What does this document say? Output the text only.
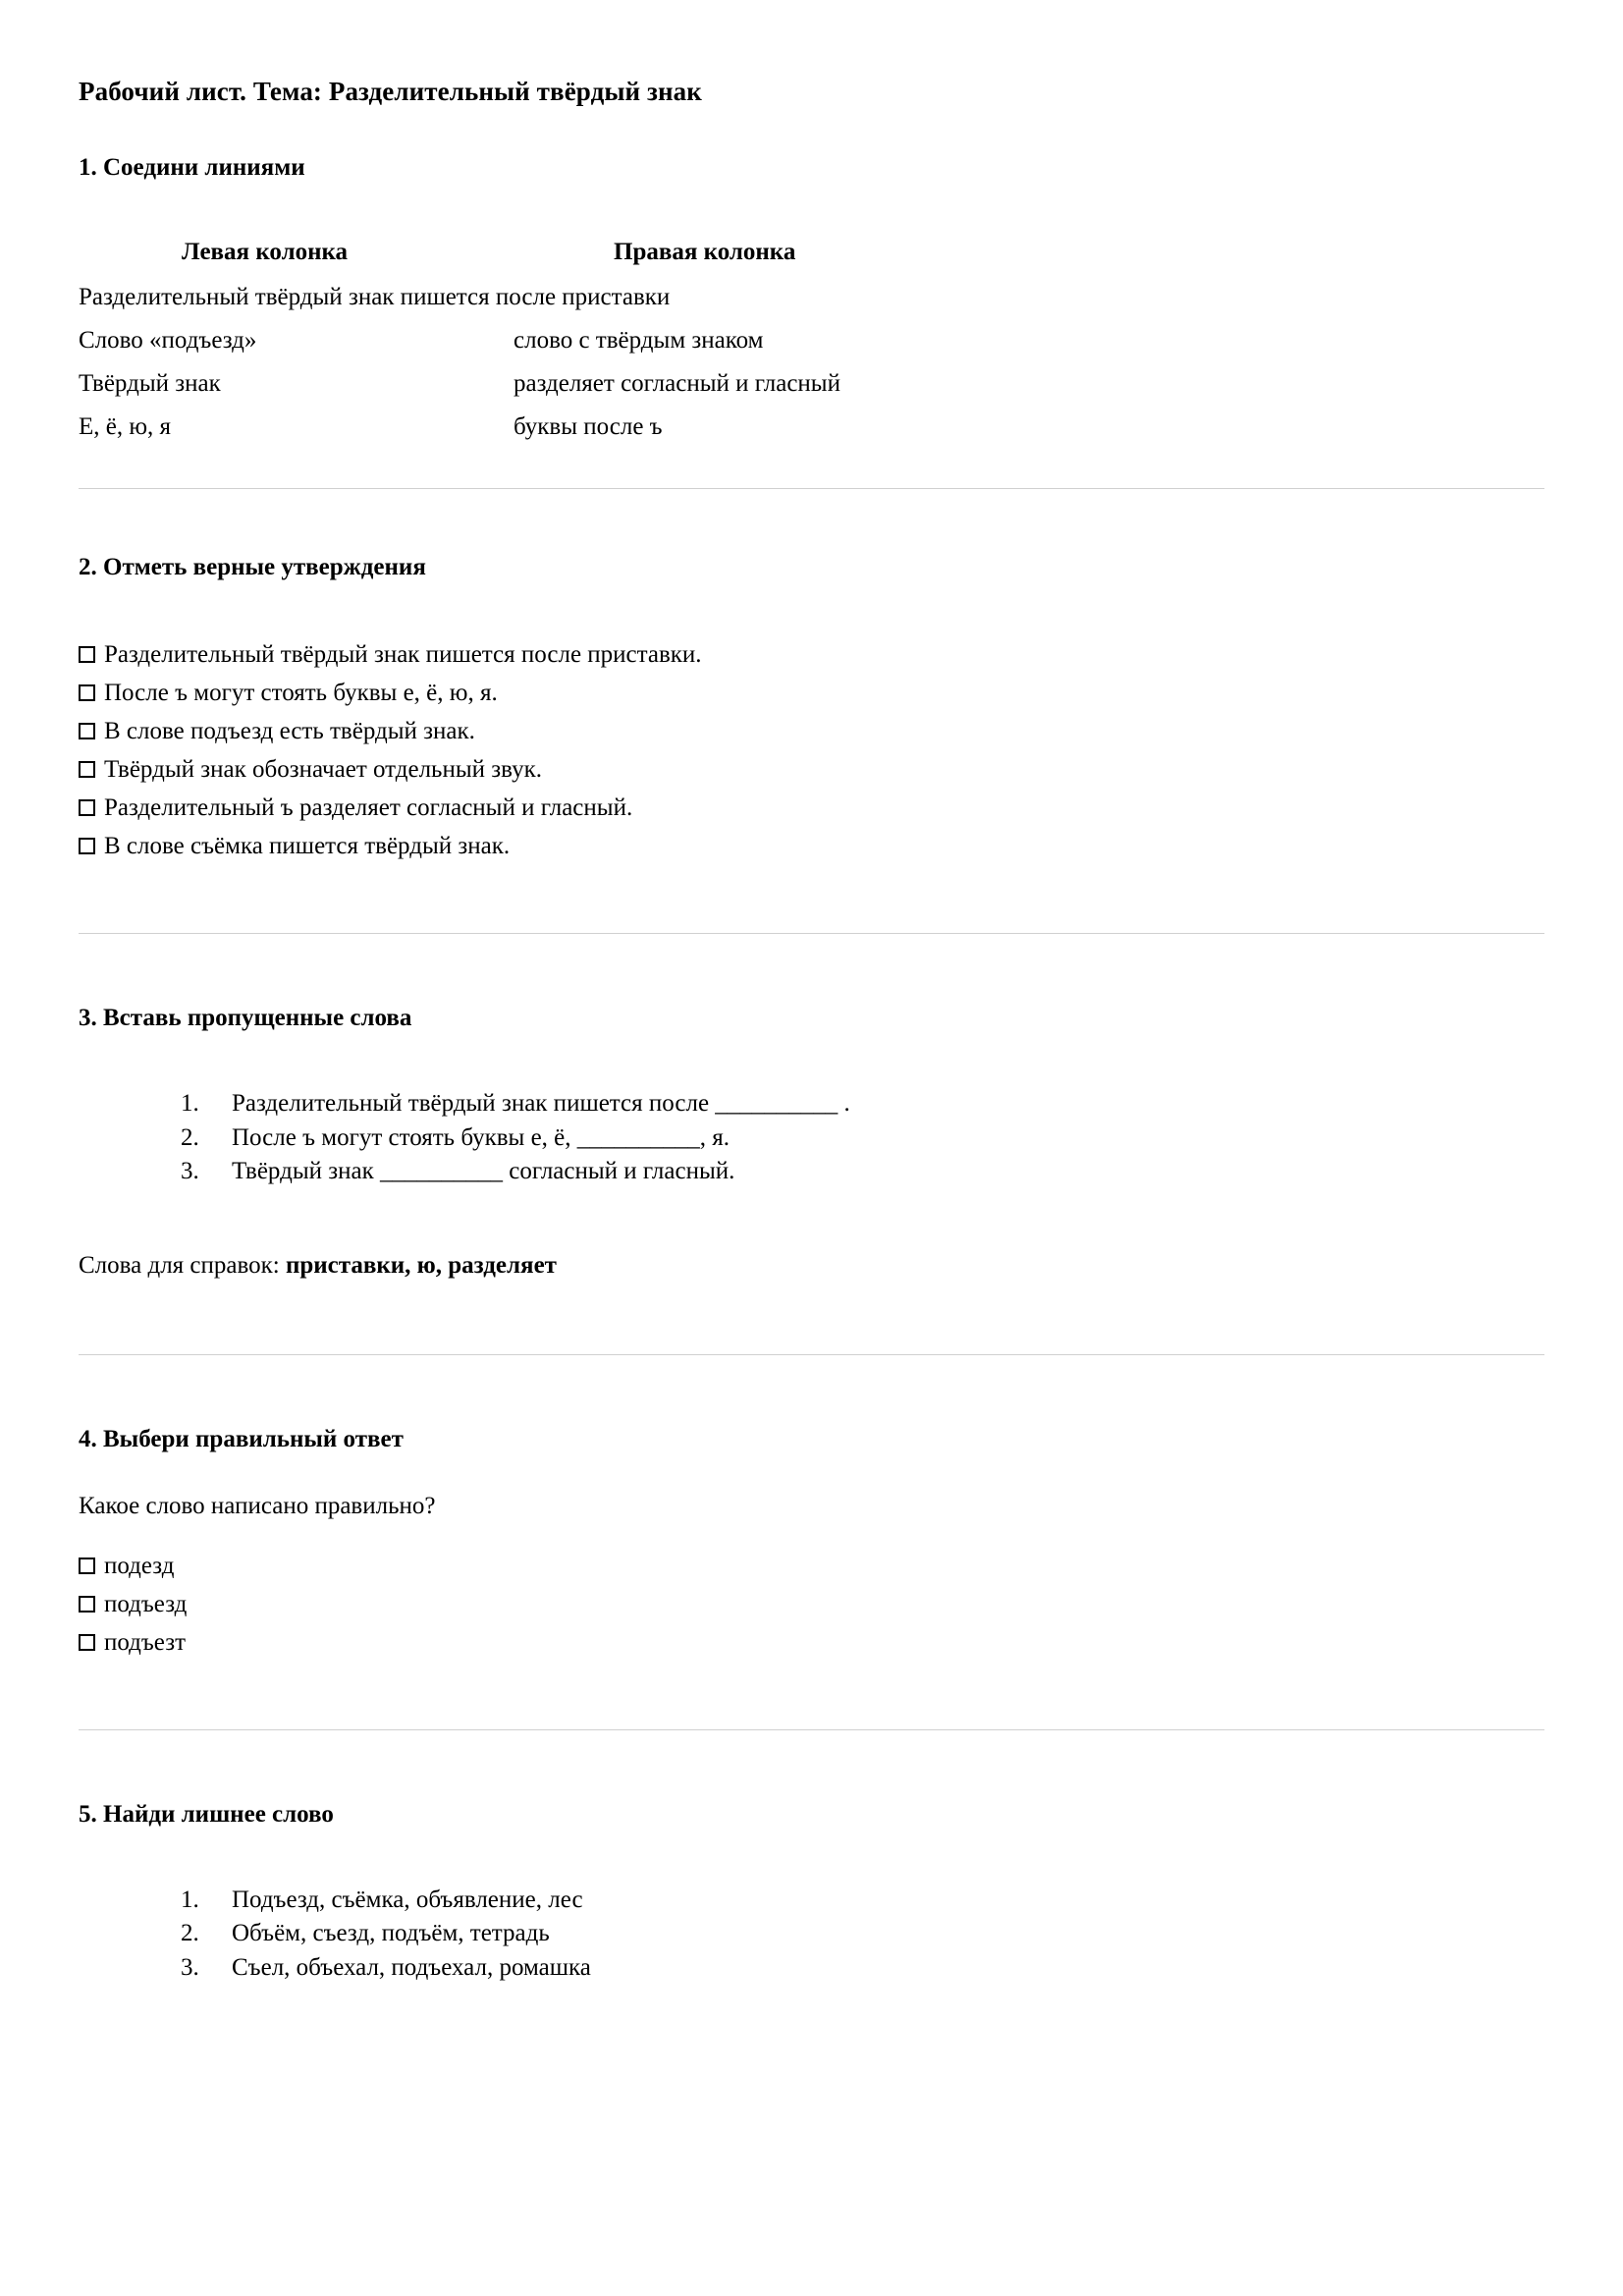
Рабочий лист. Тема: Разделительный твёрдый знак
1. Соедини линиями
Левая колонка	Правая колонка
Разделительный твёрдый знак пишется после приставки
Слово «подъезд»	слово с твёрдым знаком
Твёрдый знак	разделяет согласный и гласный
Е, ё, ю, я	буквы после ъ
2. Отметь верные утверждения
Разделительный твёрдый знак пишется после приставки.
После ъ могут стоять буквы е, ё, ю, я.
В слове подъезд есть твёрдый знак.
Твёрдый знак обозначает отдельный звук.
Разделительный ъ разделяет согласный и гласный.
В слове съёмка пишется твёрдый знак.
3. Вставь пропущенные слова
Разделительный твёрдый знак пишется после __________ .
После ъ могут стоять буквы е, ё, __________, я.
Твёрдый знак __________ согласный и гласный.

Слова для справок: приставки, ю, разделяет

4. Выбери правильный ответ

Какое слово написано правильно?

подезд
подъезд
подъезт
5. Найди лишнее слово
Подъезд, съёмка, объявление, лес
Объём, съезд, подъём, тетрадь
Съел, объехал, подъехал, ромашка
